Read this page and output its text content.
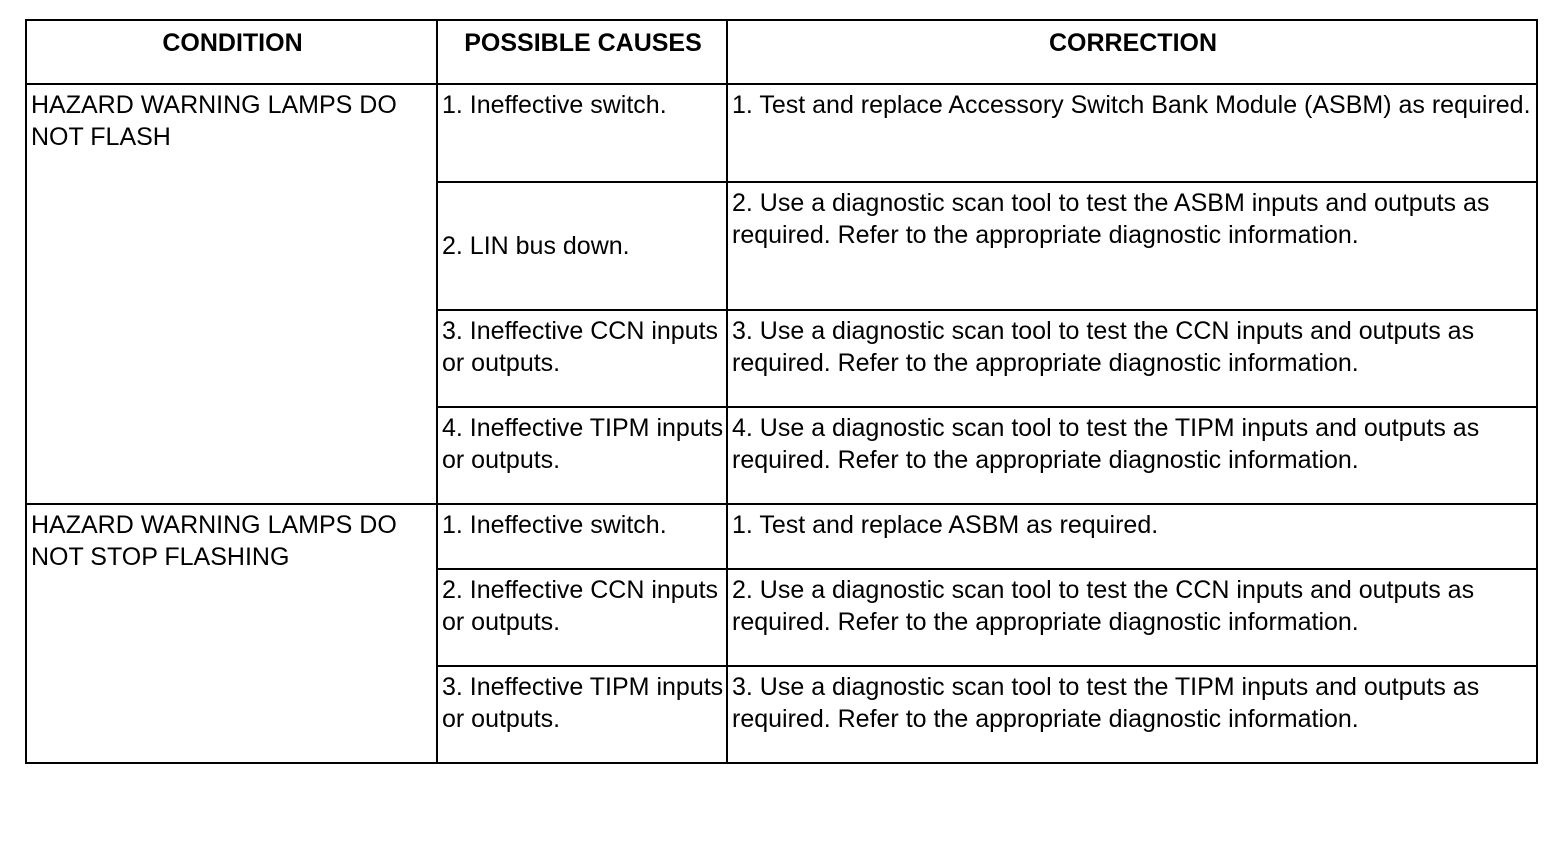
CONDITION	POSSIBLE CAUSES	CORRECTION
HAZARD WARNING LAMPS DO NOT FLASH	1. Ineffective switch.	1. Test and replace Accessory Switch Bank Module (ASBM) as required.
	2. LIN bus down.	2. Use a diagnostic scan tool to test the ASBM inputs and outputs as required. Refer to the appropriate diagnostic information.
	3. Ineffective CCN inputs or outputs.	3. Use a diagnostic scan tool to test the CCN inputs and outputs as required. Refer to the appropriate diagnostic information.
	4. Ineffective TIPM inputs or outputs.	4. Use a diagnostic scan tool to test the TIPM inputs and outputs as required. Refer to the appropriate diagnostic information.
HAZARD WARNING LAMPS DO NOT STOP FLASHING	1. Ineffective switch.	1. Test and replace ASBM as required.
	2. Ineffective CCN inputs or outputs.	2. Use a diagnostic scan tool to test the CCN inputs and outputs as required. Refer to the appropriate diagnostic information.
	3. Ineffective TIPM inputs or outputs.	3. Use a diagnostic scan tool to test the TIPM inputs and outputs as required. Refer to the appropriate diagnostic information.
